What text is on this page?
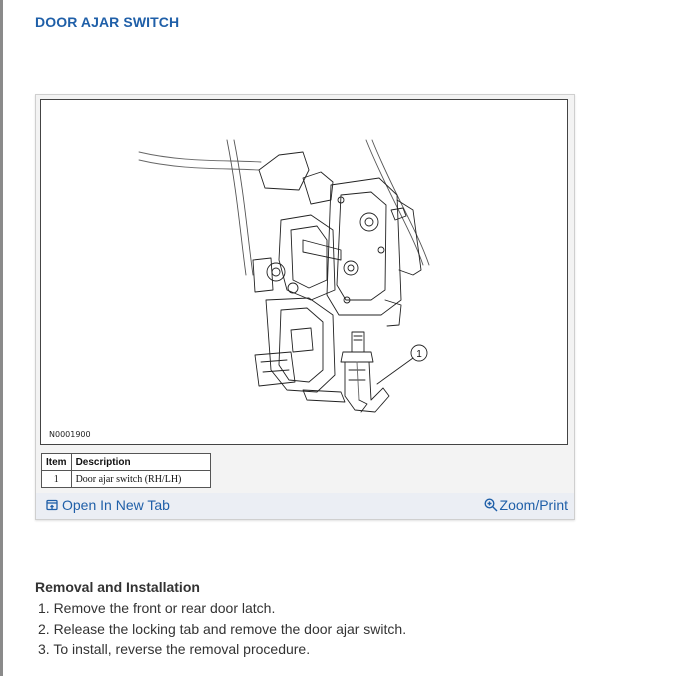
DOOR AJAR SWITCH
1
N0001900
Item	Description
1	Door ajar switch (RH/LH)
Open In New Tab	Zoom/Print
Removal and Installation
1. Remove the front or rear door latch.
2. Release the locking tab and remove the door ajar switch.
3. To install, reverse the removal procedure.
